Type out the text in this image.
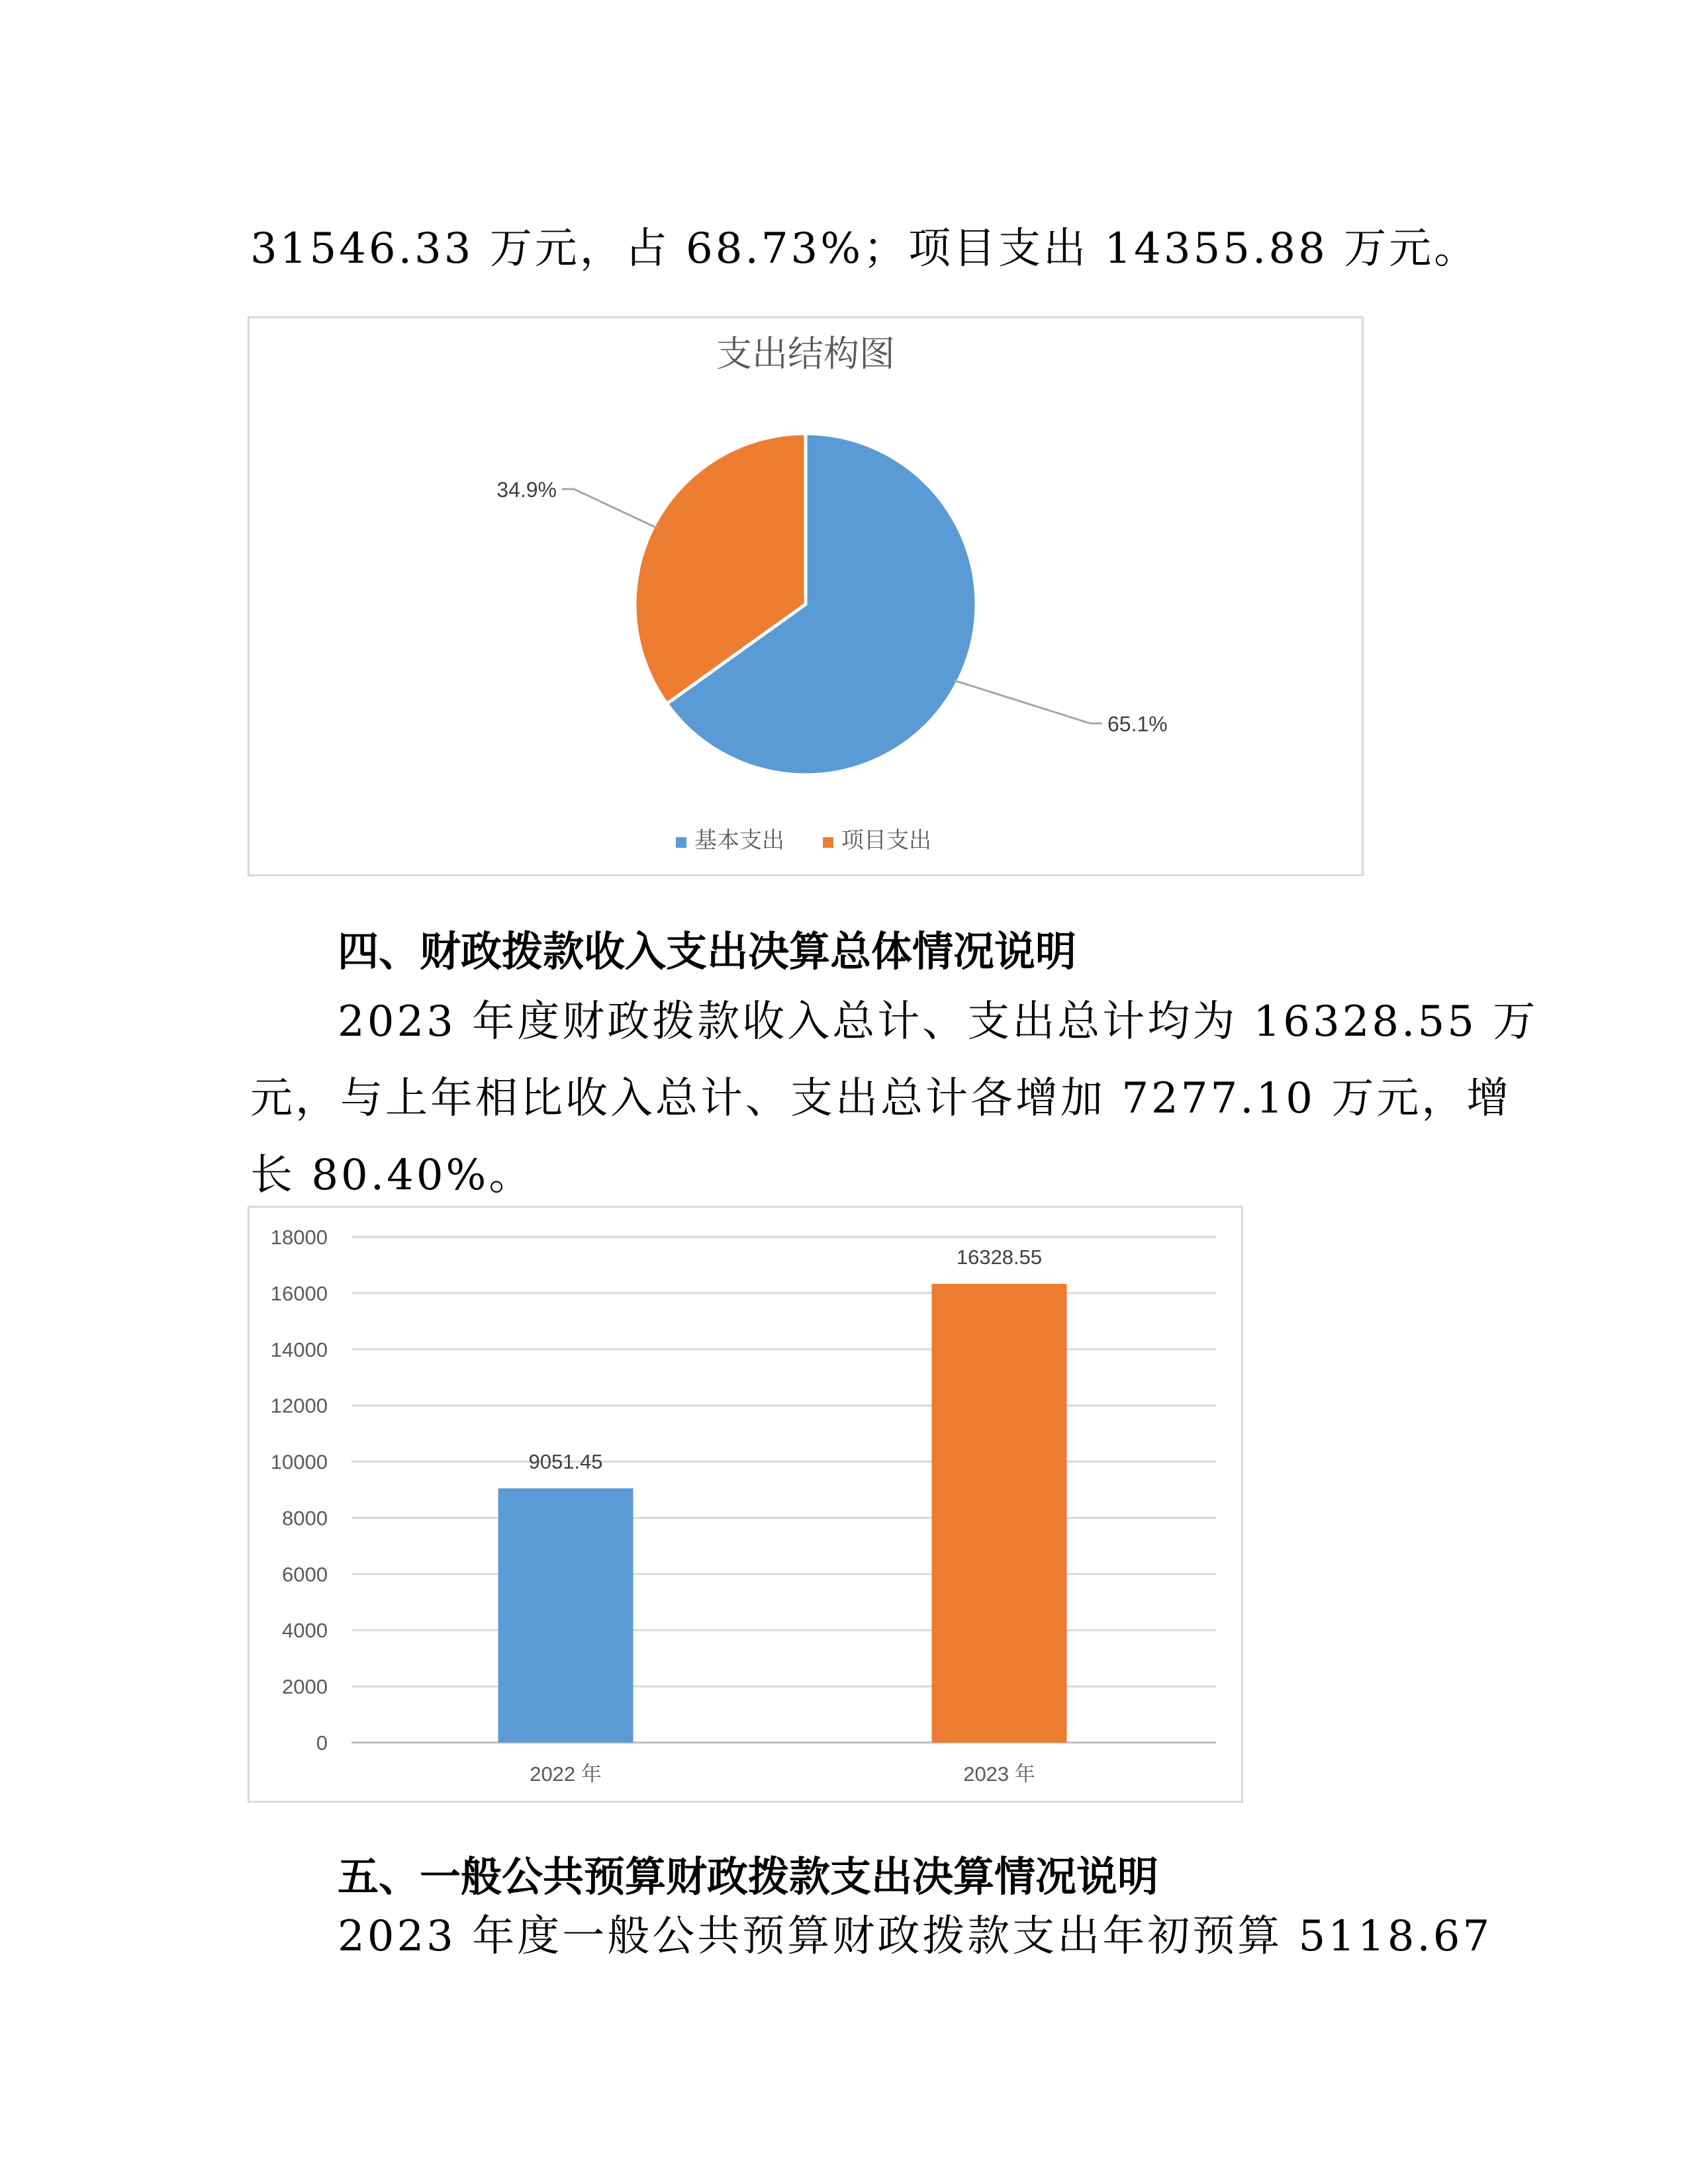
31546.33 万元，占 68.73%；项目支出 14355.88 万元。
支出结构图
65.1%
34.9%
基本支出	项目支出
四、财政拨款收入支出决算总体情况说明
2023 年度财政拨款收入总计、支出总计均为 16328.55 万
元，与上年相比收入总计、支出总计各增加 7277.10 万元，增
长 80.40%。
0
2000
4000
6000
8000
10000
12000
14000
16000
18000
9051.45
16328.55
2022 年	2023 年
五、一般公共预算财政拨款支出决算情况说明
2023 年度一般公共预算财政拨款支出年初预算 5118.67
